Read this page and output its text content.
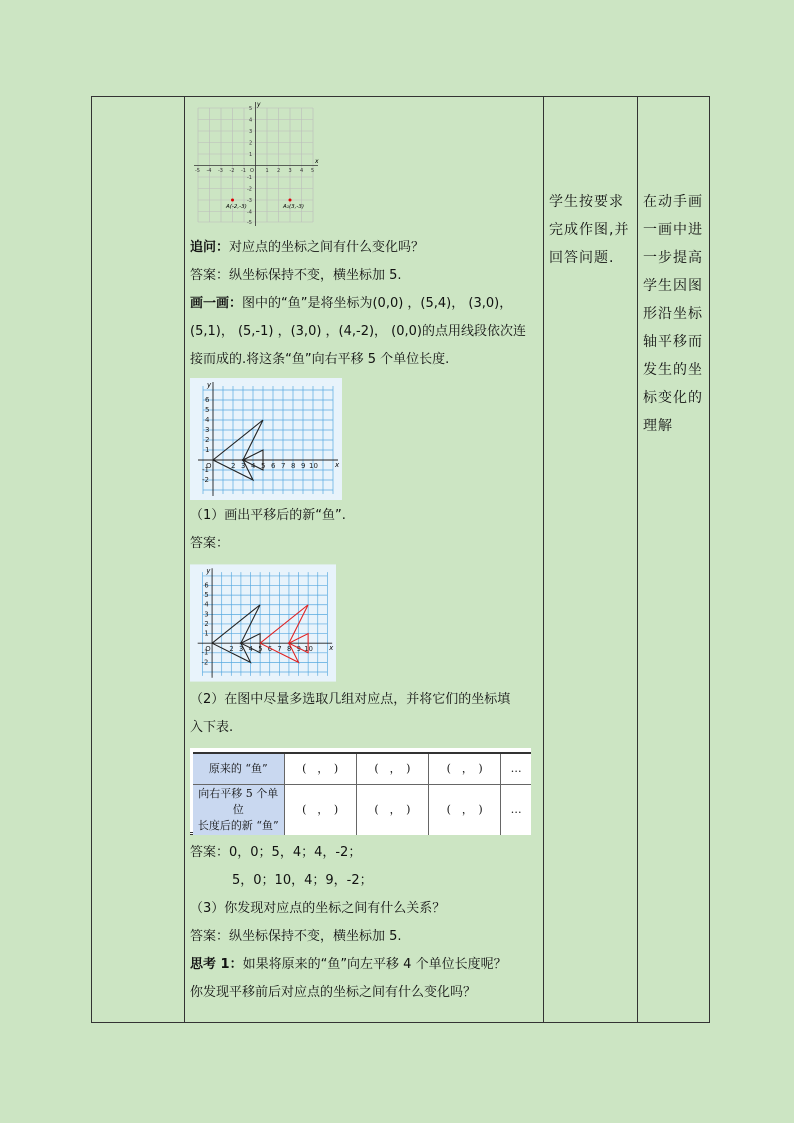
x
y
-5 -4 -3 -2 -1 O 1 2 3 4 5
5
4
3
2
1
-1
-2
-3
-4
-5
A(-2,-3)	A₁(3,-3)
追问：对应点的坐标之间有什么变化吗？
答案：纵坐标保持不变，横坐标加 5.
画一画：图中的“鱼”是将坐标为(0,0) ，(5,4)， (3,0)，
(5,1)， (5,-1) ，(3,0) ，(4,-2)， (0,0)的点用线段依次连
接而成的.将这条“鱼”向右平移 5 个单位长度.
x
y
O	2 3 4 5 6 7 8 9 10
6
5
4
3
2
1
-1
-2
（1）画出平移后的新“鱼”.
答案：
x
y
O	2 3 4 5 6 7 8 9 10
6
5
4
3
2
1
-1
-2
（2）在图中尽量多选取几组对应点，并将它们的坐标填
入下表.
原来的 “鱼”	(　，　)	(　，　)	(　，　)	…

向右平移 5 个单位
长度后的新 “鱼”	(　，　)	(　，　)	(　，　)	…
答案：0，0；5，4；4，-2；
5，0；10，4；9，-2；
（3）你发现对应点的坐标之间有什么关系？
答案：纵坐标保持不变，横坐标加 5.
思考 1：如果将原来的“鱼”向左平移 4 个单位长度呢？
你发现平移前后对应点的坐标之间有什么变化吗？
学生按要求
完成作图,并
回答问题.
在动手画
一画中进
一步提高
学生因图
形沿坐标
轴平移而
发生的坐
标变化的
理解
